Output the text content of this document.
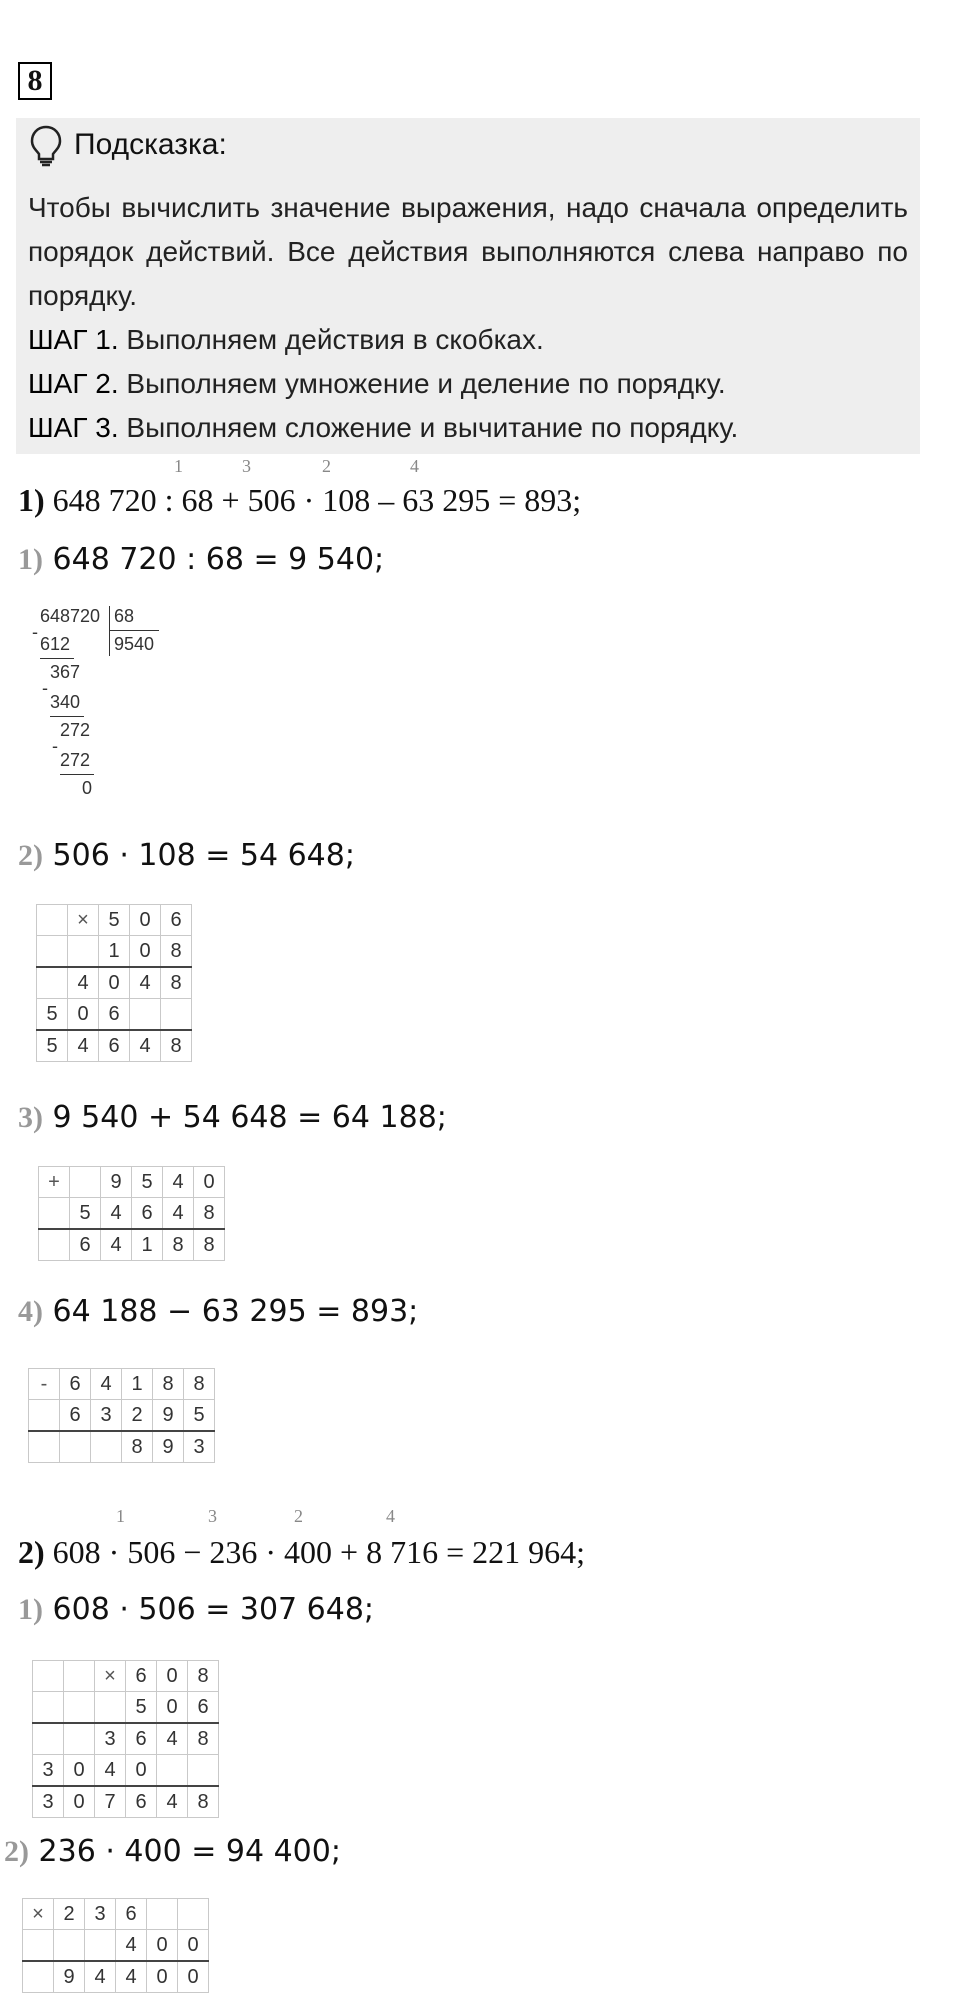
8
Подсказка:
Чтобы вычислить значение выражения, надо сначала определить порядок действий. Все действия выполняются слева направо по порядку.
ШАГ 1. Выполняем действия в скобках.
ШАГ 2. Выполняем умножение и деление по порядку.
ШАГ 3. Выполняем сложение и вычитание по порядку.
1	3	2	4
1) 648 720 : 68 + 506 · 108 – 63 295 = 893;
1) 648 720 : 68 = 9 540;
648720 68
9540
-
612
367
-
340
272
-
272
0
2) 506 · 108 = 54 648;
	×	5	0	6
		1	0	8
	4	0	4	8
5	0	6		
5	4	6	4	8
3) 9 540 + 54 648 = 64 188;
+		9	5	4	0
	5	4	6	4	8
	6	4	1	8	8
4) 64 188 − 63 295 = 893;
-	6	4	1	8	8
	6	3	2	9	5
			8	9	3
1	3	2	4
2) 608 · 506 − 236 · 400 + 8 716 = 221 964;
1) 608 · 506 = 307 648;
		×	6	0	8
			5	0	6
		3	6	4	8
3	0	4	0		
3	0	7	6	4	8
2) 236 · 400 = 94 400;
×	2	3	6		
			4	0	0
	9	4	4	0	0
